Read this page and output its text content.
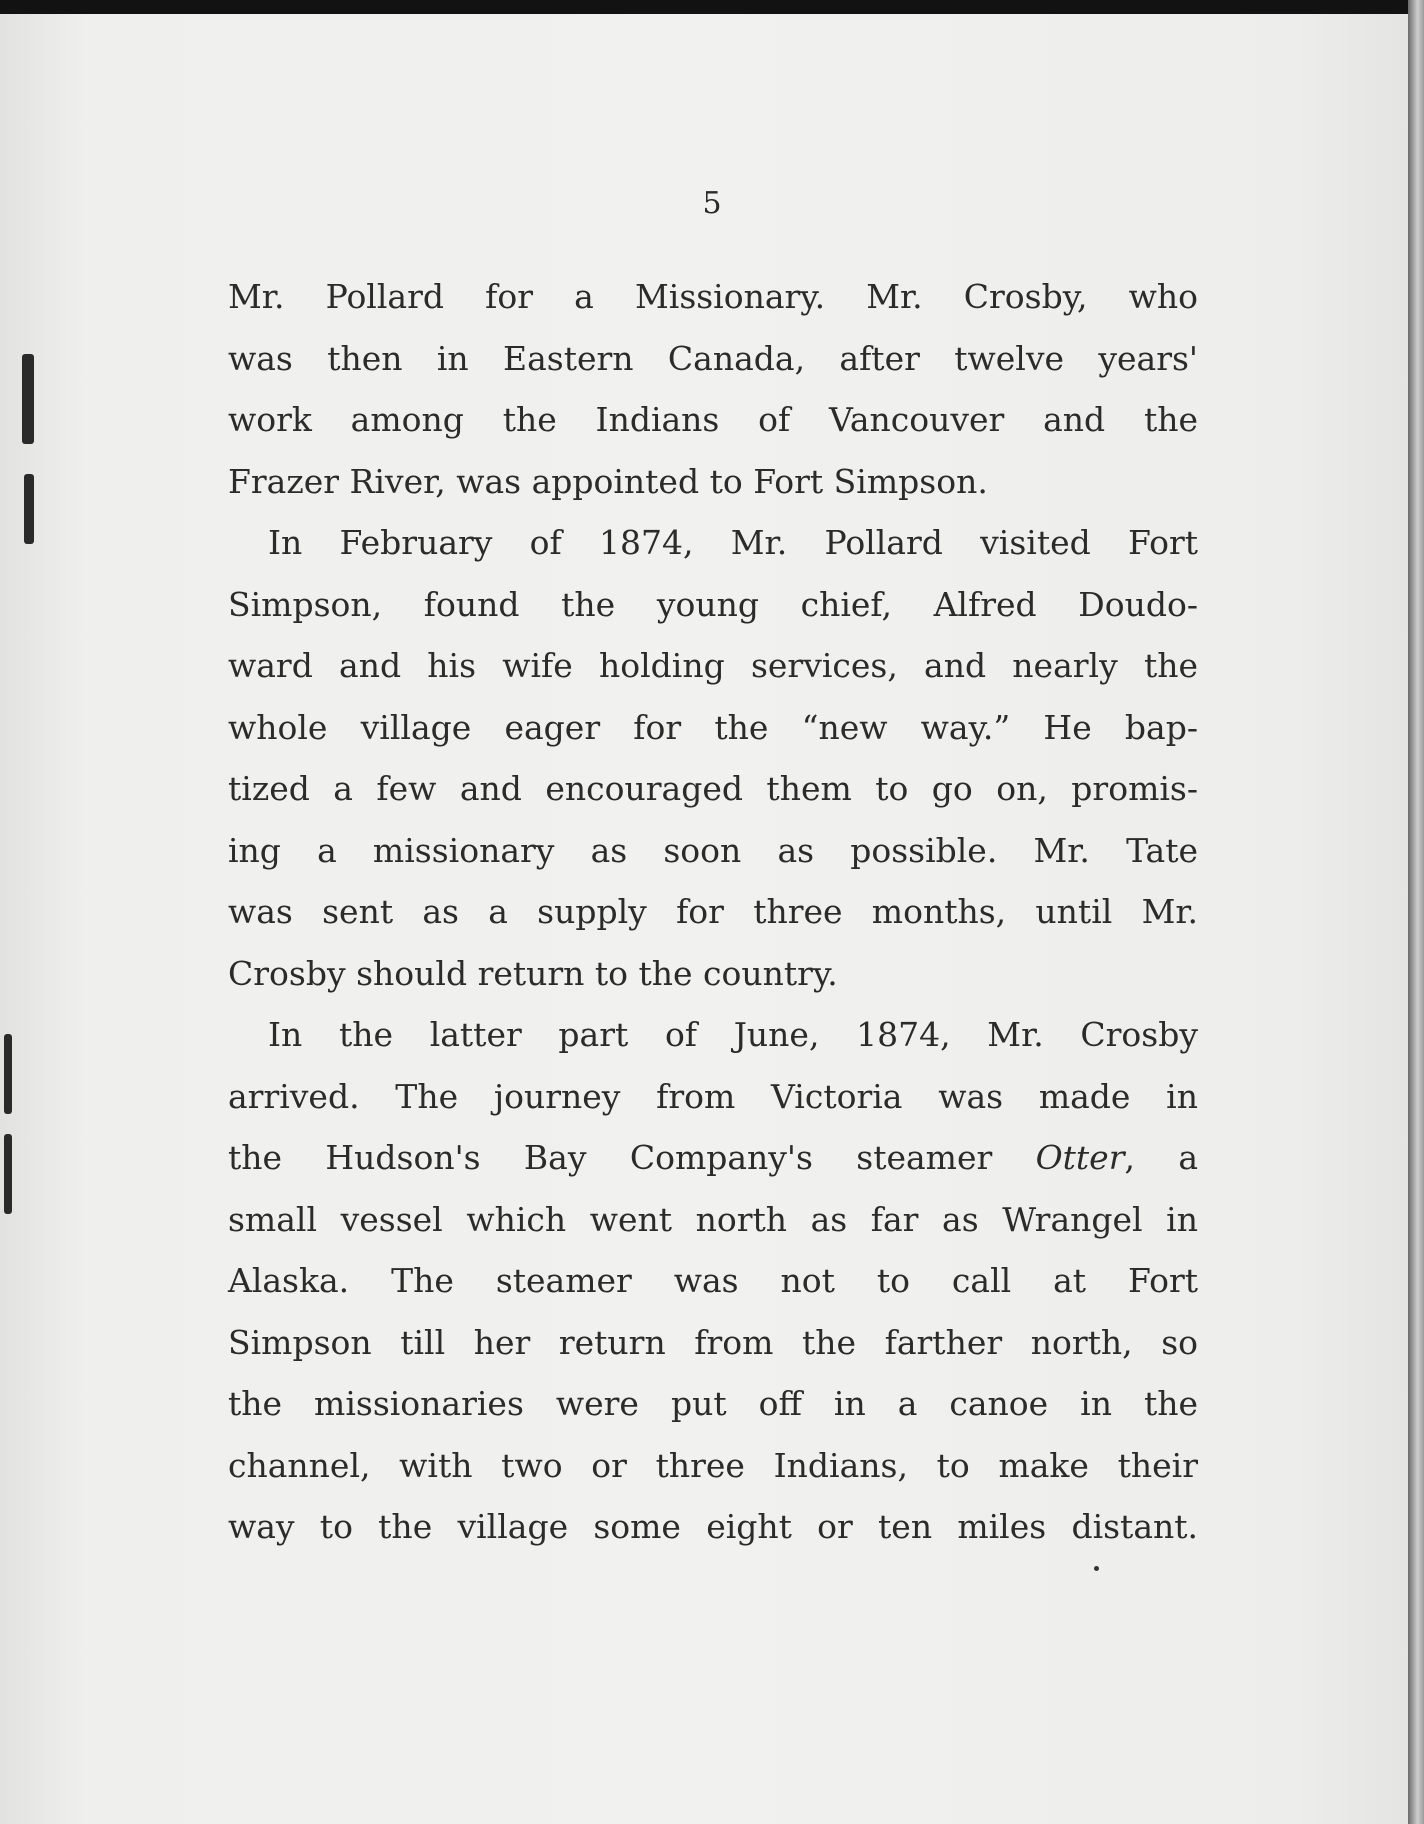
5

Mr. Pollard for a Missionary. Mr. Crosby, who
was then in Eastern Canada, after twelve years'
work among the Indians of Vancouver and the
Frazer River, was appointed to Fort Simpson.

In February of 1874, Mr. Pollard visited Fort
Simpson, found the young chief, Alfred Doudo-
ward and his wife holding services, and nearly the
whole village eager for the “new way.” He bap-
tized a few and encouraged them to go on, promis-
ing a missionary as soon as possible. Mr. Tate
was sent as a supply for three months, until Mr.
Crosby should return to the country.

In the latter part of June, 1874, Mr. Crosby
arrived. The journey from Victoria was made in
the Hudson's Bay Company's steamer Otter, a
small vessel which went north as far as Wrangel in
Alaska. The steamer was not to call at Fort
Simpson till her return from the farther north, so
the missionaries were put off in a canoe in the
channel, with two or three Indians, to make their
way to the village some eight or ten miles distant.
